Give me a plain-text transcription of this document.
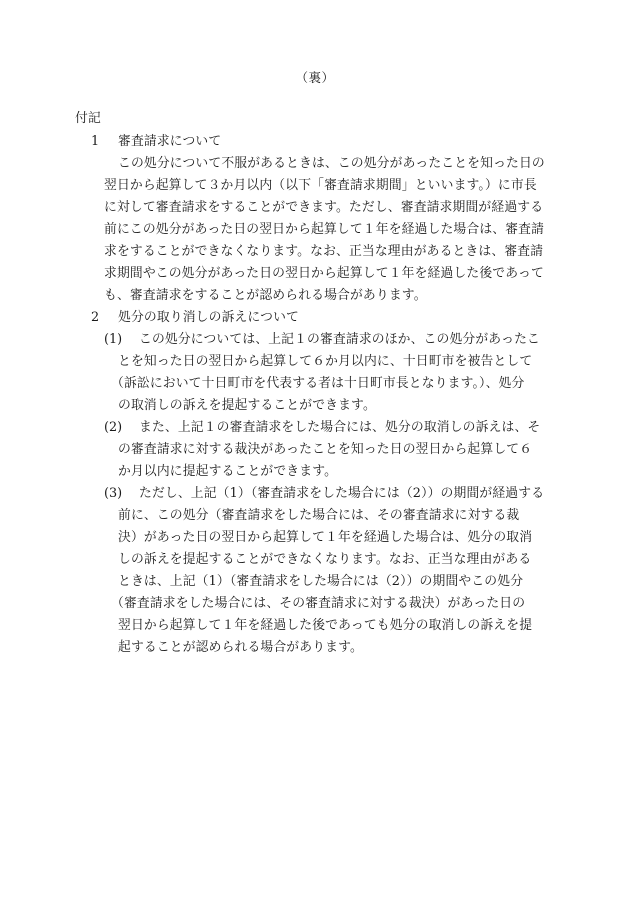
（裏）
付記
1 審査請求について
この処分について不服があるときは、この処分があったことを知った日の
翌日から起算して３か月以内（以下「審査請求期間」といいます。）に市長
に対して審査請求をすることができます。ただし、審査請求期間が経過する
前にこの処分があった日の翌日から起算して１年を経過した場合は、審査請
求をすることができなくなります。なお、正当な理由があるときは、審査請
求期間やこの処分があった日の翌日から起算して１年を経過した後であって
も、審査請求をすることが認められる場合があります。
2 処分の取り消しの訴えについて
(1) この処分については、上記１の審査請求のほか、この処分があったこ
とを知った日の翌日から起算して６か月以内に、十日町市を被告として
（訴訟において十日町市を代表する者は十日町市長となります。）、処分
の取消しの訴えを提起することができます。
(2) また、上記１の審査請求をした場合には、処分の取消しの訴えは、そ
の審査請求に対する裁決があったことを知った日の翌日から起算して６
か月以内に提起することができます。
(3) ただし、上記（1）（審査請求をした場合には（2））の期間が経過する
前に、この処分（審査請求をした場合には、その審査請求に対する裁
決）があった日の翌日から起算して１年を経過した場合は、処分の取消
しの訴えを提起することができなくなります。なお、正当な理由がある
ときは、上記（1）（審査請求をした場合には（2））の期間やこの処分
（審査請求をした場合には、その審査請求に対する裁決）があった日の
翌日から起算して１年を経過した後であっても処分の取消しの訴えを提
起することが認められる場合があります。
